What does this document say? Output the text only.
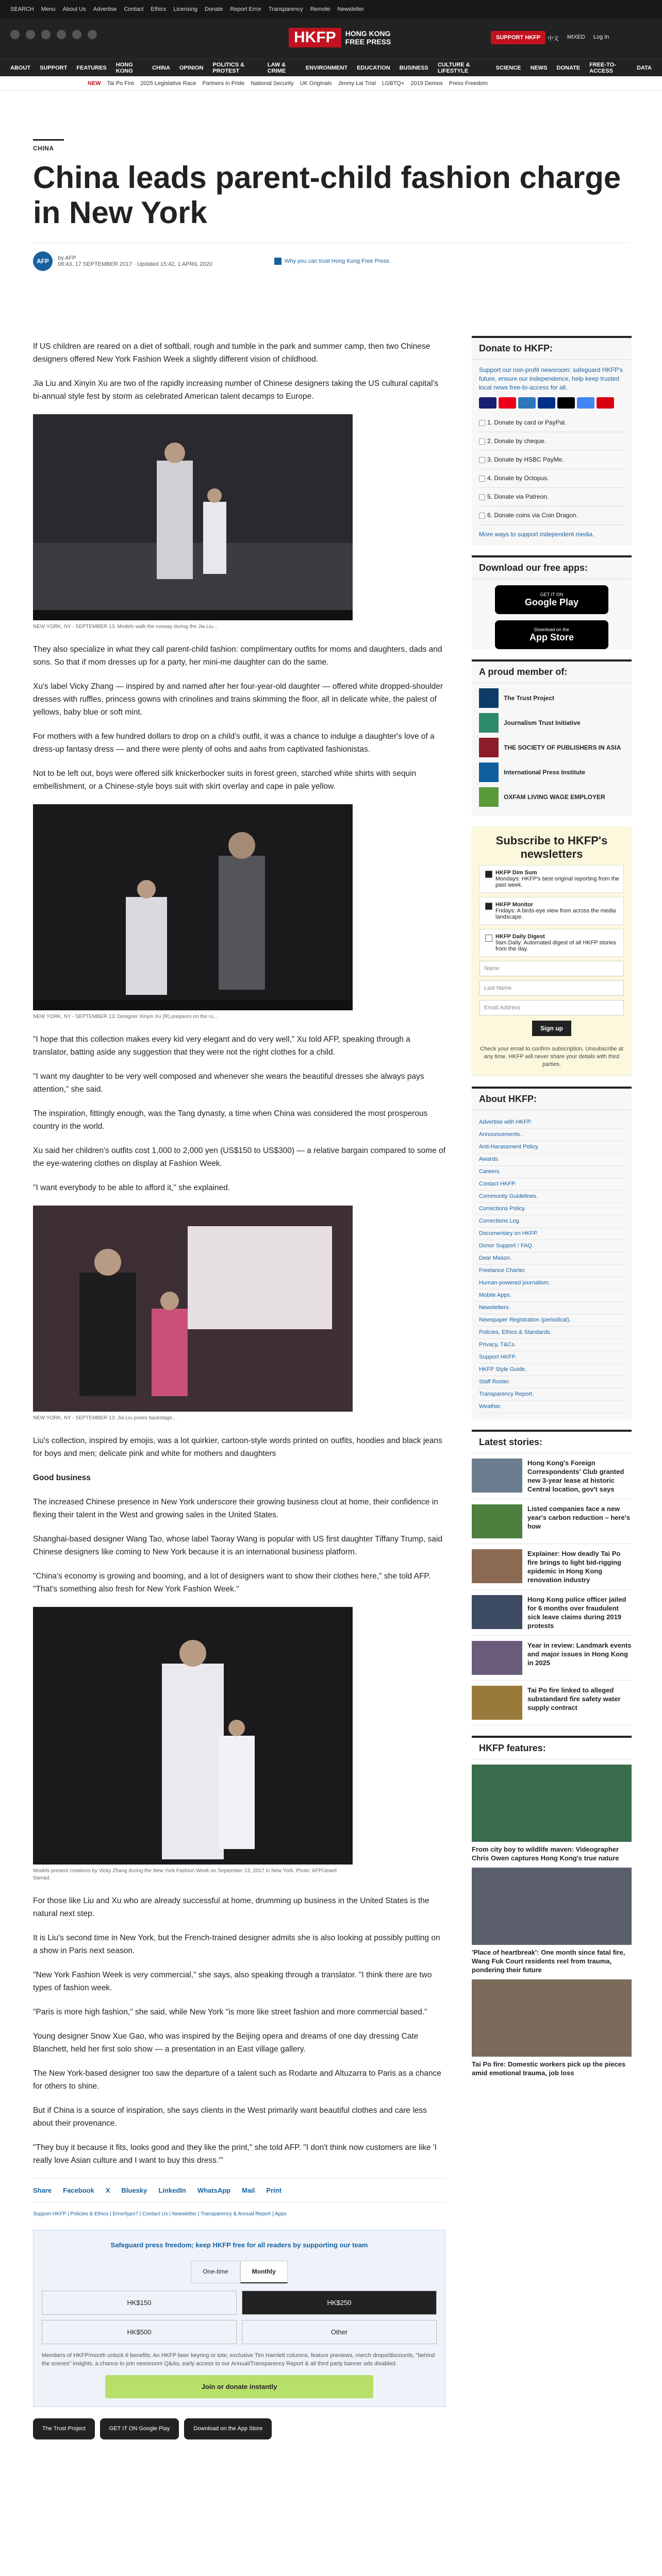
SEARCH Menu About Us Advertise Contact Ethics Licensing Donate Report Error Transparency Remote Newsletter
HKFP	HONG KONG FREE PRESS	SUPPORT HKFP	中文 MIXED Log In
ABOUT SUPPORT FEATURES HONG KONG	CHINA OPINION POLITICS & PROTEST
LAW & CRIME	ENVIRONMENT EDUCATION BUSINESS CULTURE & LIFESTYLE	SCIENCE NEWS DONATE FREE-TO-ACCESS	DATA
NEW Tai Po Fire 2025 Legislative Race Partners in Pride National Security UK Originals Jimmy Lai Trial LGBTQ+ 2019 Demos Press Freedom
CHINA
China leads parent-child fashion charge in New York
AFP	by AFP
08:43, 17 SEPTEMBER 2017 · Updated 15:42, 1 APRIL 2020	Why you can trust Hong Kong Free Press

If US children are reared on a diet of softball, rough and tumble in the park and summer camp, then two Chinese designers offered New York Fashion Week a slightly different vision of childhood.

Jia Liu and Xinyin Xu are two of the rapidly increasing number of Chinese designers taking the US cultural capital's bi-annual style fest by storm as celebrated American talent decamps to Europe.

NEW YORK, NY - SEPTEMBER 13: Models walk the runway during the Jia Liu...

They also specialize in what they call parent-child fashion: complimentary outfits for moms and daughters, dads and sons. So that if mom dresses up for a party, her mini-me daughter can do the same.

Xu's label Vicky Zhang — inspired by and named after her four-year-old daughter — offered white dropped-shoulder dresses with ruffles, princess gowns with crinolines and trains skimming the floor, all in delicate white, the palest of yellows, baby blue or soft mint.

For mothers with a few hundred dollars to drop on a child's outfit, it was a chance to indulge a daughter's love of a dress-up fantasy dress — and there were plenty of oohs and aahs from captivated fashionistas.

Not to be left out, boys were offered silk knickerbocker suits in forest green, starched white shirts with sequin embellishment, or a Chinese-style boys suit with skirt overlay and cape in pale yellow.

NEW YORK, NY - SEPTEMBER 13: Designer Xinyin Xu (R) prepares on the ru...

"I hope that this collection makes every kid very elegant and do very well," Xu told AFP, speaking through a translator, batting aside any suggestion that they were not the right clothes for a child.

"I want my daughter to be very well composed and whenever she wears the beautiful dresses she always pays attention," she said.

The inspiration, fittingly enough, was the Tang dynasty, a time when China was considered the most prosperous country in the world.

Xu said her children's outfits cost 1,000 to 2,000 yen (US$150 to US$300) — a relative bargain compared to some of the eye-watering clothes on display at Fashion Week.

"I want everybody to be able to afford it," she explained.

NEW YORK, NY - SEPTEMBER 13: Jia Liu poses backstage...

Liu's collection, inspired by emojis, was a lot quirkier, cartoon-style words printed on outfits, hoodies and black jeans for boys and men; delicate pink and white for mothers and daughters

Good business

The increased Chinese presence in New York underscore their growing business clout at home, their confidence in flexing their talent in the West and growing sales in the United States.

Shanghai-based designer Wang Tao, whose label Taoray Wang is popular with US first daughter Tiffany Trump, said Chinese designers like coming to New York because it is an international business platform.

"China's economy is growing and booming, and a lot of designers want to show their clothes here," she told AFP. "That's something also fresh for New York Fashion Week."

Models present creations by Vicky Zhang during the New York Fashion Week on September 13, 2017 in New York. Photo: AFP/Jewel Samad.

For those like Liu and Xu who are already successful at home, drumming up business in the United States is the natural next step.

It is Liu's second time in New York, but the French-trained designer admits she is also looking at possibly putting on a show in Paris next season.

"New York Fashion Week is very commercial," she says, also speaking through a translator. "I think there are two types of fashion week.

"Paris is more high fashion," she said, while New York "is more like street fashion and more commercial based."

Young designer Snow Xue Gao, who was inspired by the Beijing opera and dreams of one day dressing Cate Blanchett, held her first solo show — a presentation in an East village gallery.

The New York-based designer too saw the departure of a talent such as Rodarte and Altuzarra to Paris as a chance for others to shine.

But if China is a source of inspiration, she says clients in the West primarily want beautiful clothes and care less about their provenance.

"They buy it because it fits, looks good and they like the print," she told AFP. "I don't think now customers are like 'I really love Asian culture and I want to buy this dress.'"

Share Facebook X Bluesky LinkedIn WhatsApp Mail Print
Support HKFP | Policies & Ethics | Error/typo? | Contact Us | Newsletter | Transparency & Annual Report | Apps
Safeguard press freedom; keep HKFP free for all readers by supporting our team
One-time	Monthly
HK$150	HK$250
HK$500	Other
Members of HKFP/month unlock 6 benefits: An HKFP beer keyring or tote; exclusive Tim Hamlett columns, feature previews, merch drops/discounts, "behind the scenes" insights, a chance to join newsroom Q&As, early access to our Annual/Transparency Report & all third party banner ads disabled.
Join or donate instantly
The Trust Project	GET IT ON Google Play	Download on the App Store
Donate to HKFP:
Support our non-profit newsroom: safeguard HKFP's future, ensure our independence, help keep trusted local news free-to-access for all.
1. Donate by card or PayPal.
2. Donate by cheque.
3. Donate by HSBC PayMe.
4. Donate by Octopus.
5. Donate via Patreon.
6. Donate coins via Coin Dragon.
More ways to support independent media.
Download our free apps:
GET IT ON
Google Play
Download on the
App Store
A proud member of:
The Trust Project
Journalism Trust Initiative
THE SOCIETY OF PUBLISHERS IN ASIA
International Press Institute
OXFAM LIVING WAGE EMPLOYER
Subscribe to HKFP's newsletters
HKFP Dim Sum
Mondays: HKFP's best original reporting from the past week.
HKFP Monitor
Fridays: A birds-eye view from across the media landscape.
HKFP Daily Digest
9am Daily: Automated digest of all HKFP stories from the day.
Name
Last Name
Email Address
Sign up
Check your email to confirm subscription. Unsubscribe at any time. HKFP will never share your details with third parties.
About HKFP:
Advertise with HKFP.
Announcements.
Anti-Harassment Policy.
Awards.
Careers.
Contact HKFP.
Community Guidelines.
Corrections Policy.
Corrections Log.
Documentary on HKFP.
Donor Support / FAQ.
Dear Mason.
Freelance Charter.
Human-powered journalism.
Mobile Apps.
Newsletters.
Newspaper Registration (periodical).
Policies, Ethics & Standards.
Privacy, T&Cs.
Support HKFP.
HKFP Style Guide.
Staff Roster.
Transparency Report.
Weather.
Latest stories:
Hong Kong's Foreign Correspondents' Club granted new 3-year lease at historic Central location, gov't says
Listed companies face a new year's carbon reduction – here's how
Explainer: How deadly Tai Po fire brings to light bid-rigging epidemic in Hong Kong renovation industry
Hong Kong police officer jailed for 6 months over fraudulent sick leave claims during 2019 protests
Year in review: Landmark events and major issues in Hong Kong in 2025
Tai Po fire linked to alleged substandard fire safety water supply contract
HKFP features:
From city boy to wildlife maven: Videographer Chris Owen captures Hong Kong's true nature
'Place of heartbreak': One month since fatal fire, Wang Fuk Court residents reel from trauma, pondering their future
Tai Po fire: Domestic workers pick up the pieces amid emotional trauma, job loss
